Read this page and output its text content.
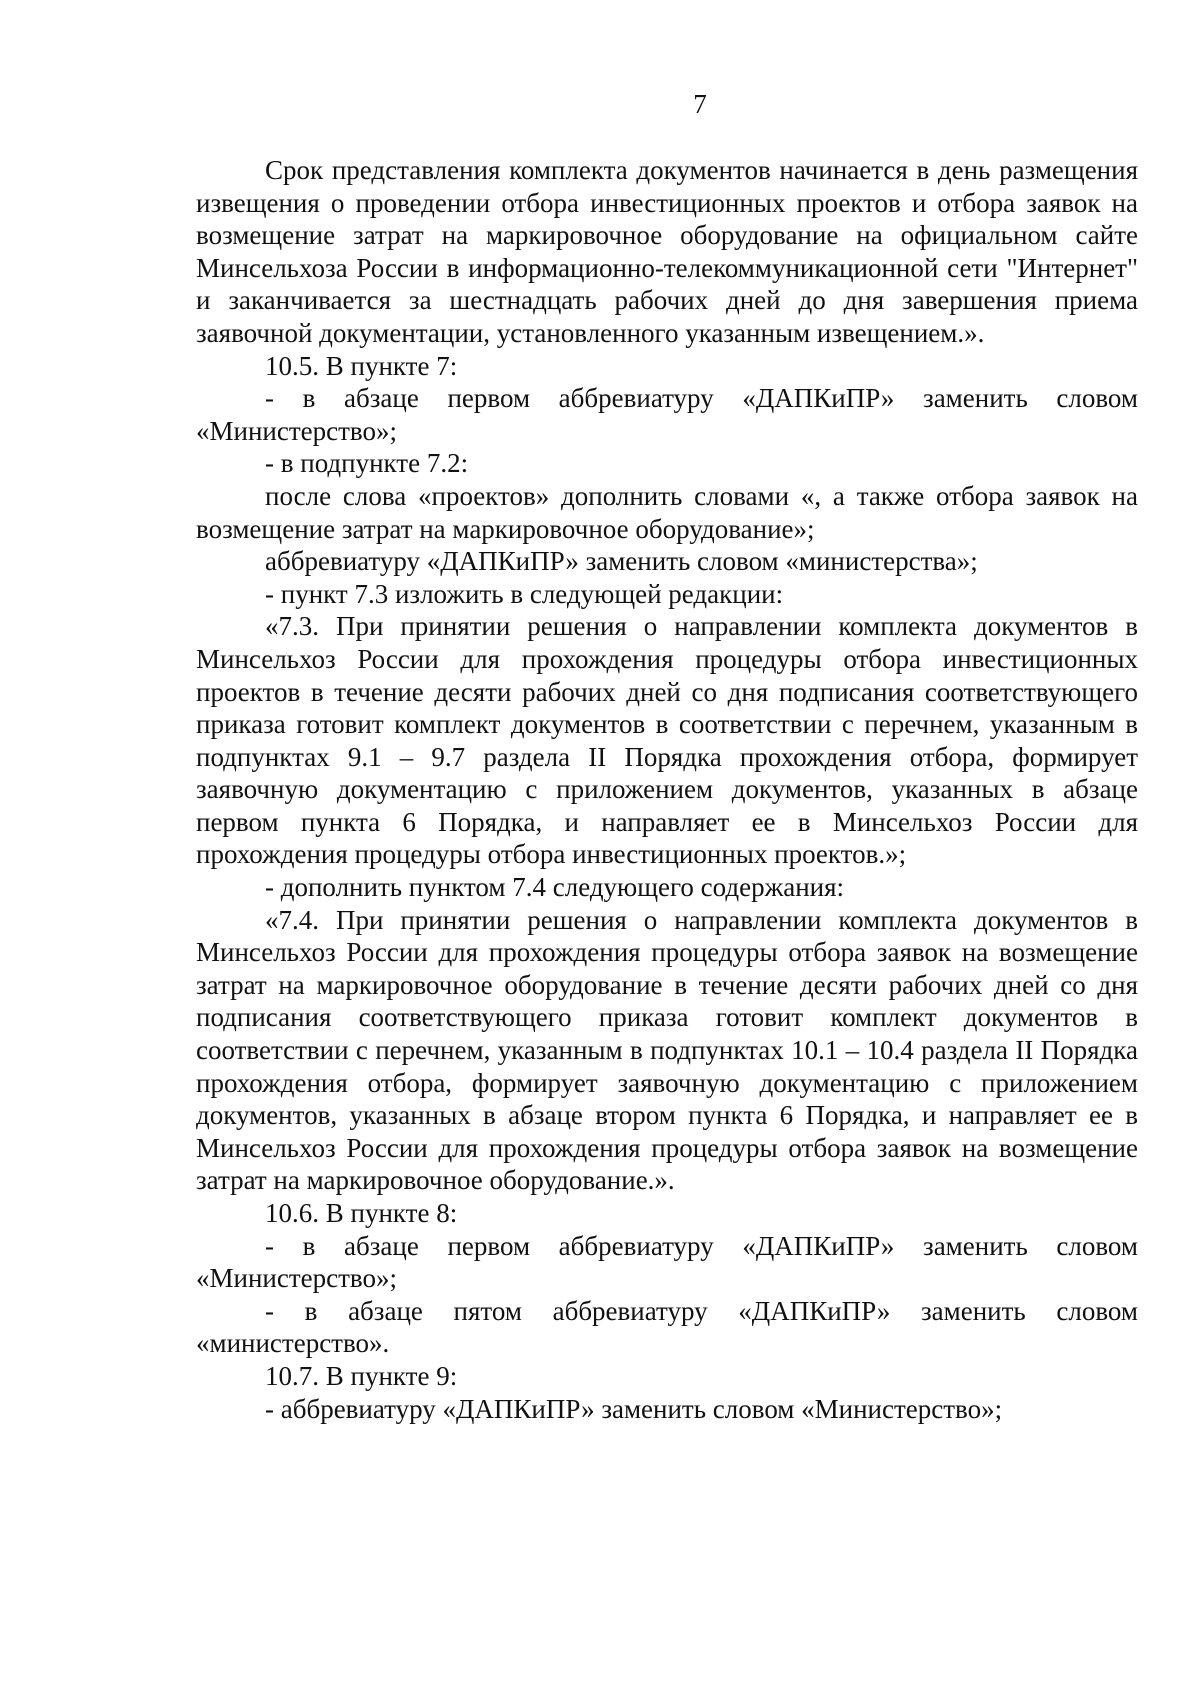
7

Срок представления комплекта документов начинается в день размещения извещения о проведении отбора инвестиционных проектов и отбора заявок на возмещение затрат на маркировочное оборудование на официальном сайте Минсельхоза России в информационно-телекоммуникационной сети "Интернет" и заканчивается за шестнадцать рабочих дней до дня завершения приема заявочной документации, установленного указанным извещением.».

10.5. В пункте 7:

- в абзаце первом аббревиатуру «ДАПКиПР» заменить словом «Министерство»;

- в подпункте 7.2:

после слова «проектов» дополнить словами «, а также отбора заявок на возмещение затрат на маркировочное оборудование»;

аббревиатуру «ДАПКиПР» заменить словом «министерства»;

- пункт 7.3 изложить в следующей редакции:

«7.3. При принятии решения о направлении комплекта документов в Минсельхоз России для прохождения процедуры отбора инвестиционных проектов в течение десяти рабочих дней со дня подписания соответствующего приказа готовит комплект документов в соответствии с перечнем, указанным в подпунктах 9.1 – 9.7 раздела II Порядка прохождения отбора, формирует заявочную документацию с приложением документов, указанных в абзаце первом пункта 6 Порядка, и направляет ее в Минсельхоз России для прохождения процедуры отбора инвестиционных проектов.»;

- дополнить пунктом 7.4 следующего содержания:

«7.4. При принятии решения о направлении комплекта документов в Минсельхоз России для прохождения процедуры отбора заявок на возмещение затрат на маркировочное оборудование в течение десяти рабочих дней со дня подписания соответствующего приказа готовит комплект документов в соответствии с перечнем, указанным в подпунктах 10.1 – 10.4 раздела II Порядка прохождения отбора, формирует заявочную документацию с приложением документов, указанных в абзаце втором пункта 6 Порядка, и направляет ее в Минсельхоз России для прохождения процедуры отбора заявок на возмещение затрат на маркировочное оборудование.».

10.6. В пункте 8:

- в абзаце первом аббревиатуру «ДАПКиПР» заменить словом «Министерство»;

- в абзаце пятом аббревиатуру «ДАПКиПР» заменить словом «министерство».

10.7. В пункте 9:

- аббревиатуру «ДАПКиПР» заменить словом «Министерство»;
